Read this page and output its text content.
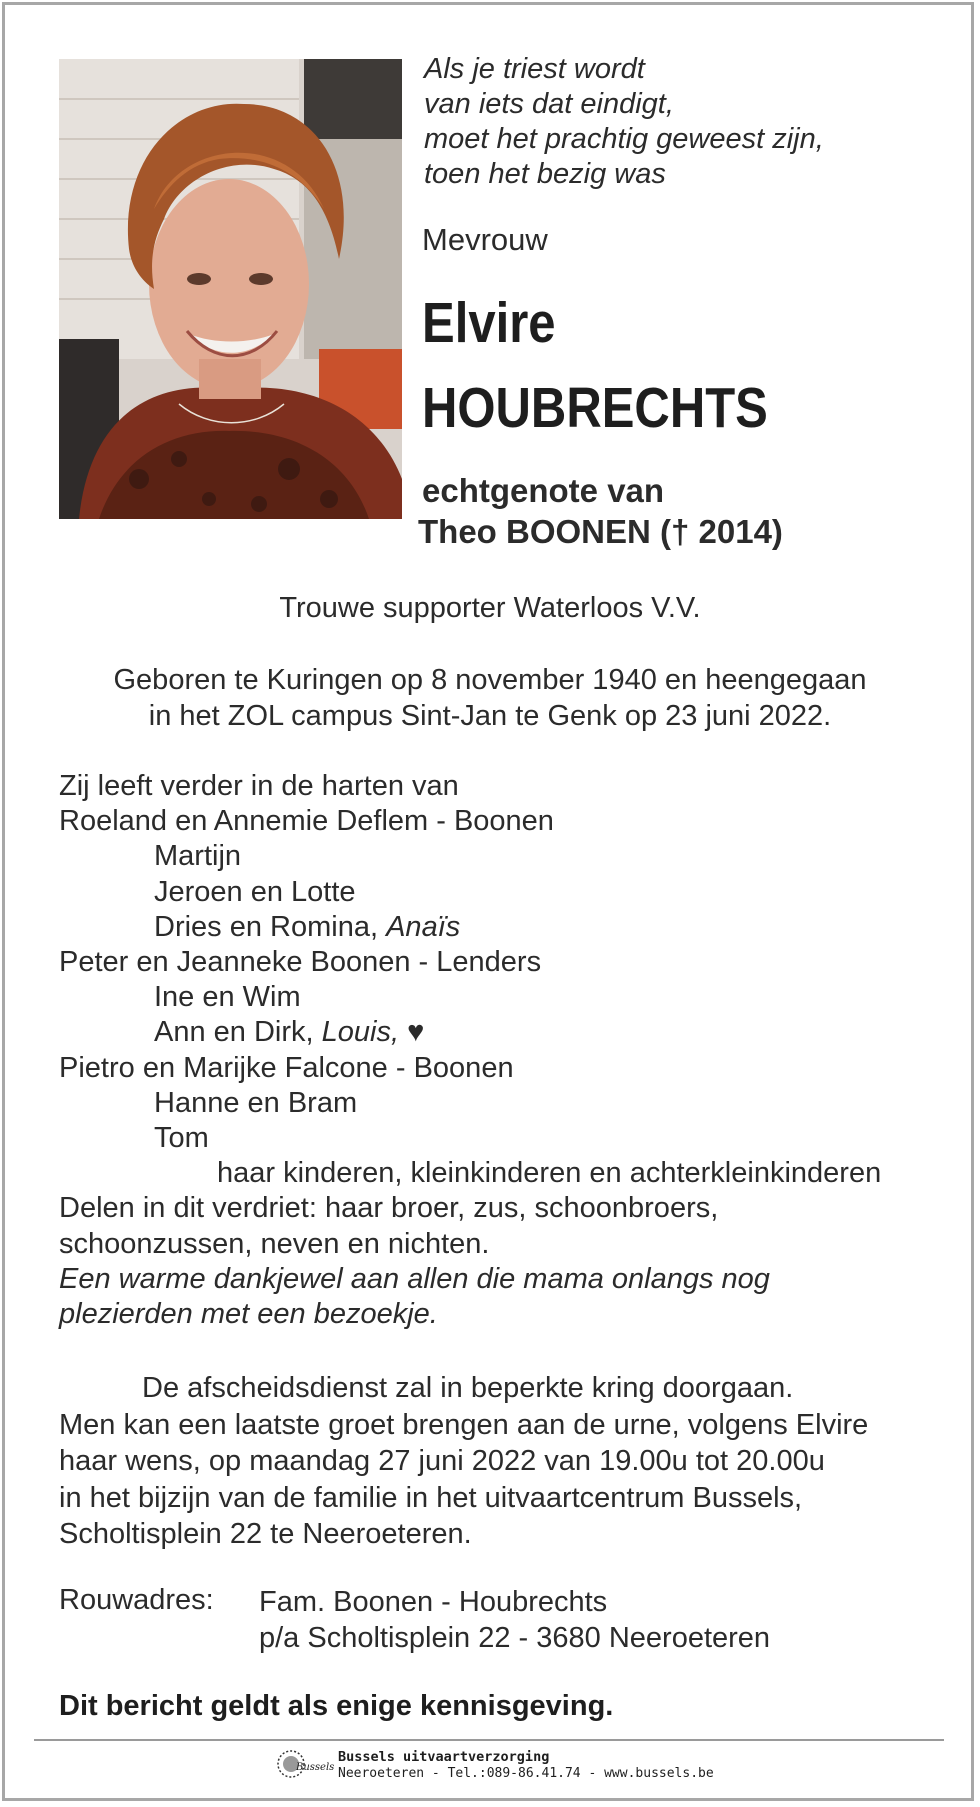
Als je triest wordt
van iets dat eindigt,
moet het prachtig geweest zijn,
toen het bezig was
Mevrouw
Elvire
HOUBRECHTS
echtgenote van
Theo BOONEN († 2014)
Trouwe supporter Waterloos V.V.
Geboren te Kuringen op 8 november 1940 en heengegaan
in het ZOL campus Sint-Jan te Genk op 23 juni 2022.
Zij leeft verder in de harten van
Roeland en Annemie Deflem - Boonen
Martijn
Jeroen en Lotte
Dries en Romina, Anaïs
Peter en Jeanneke Boonen - Lenders
Ine en Wim
Ann en Dirk, Louis, ♥
Pietro en Marijke Falcone - Boonen
Hanne en Bram
Tom
haar kinderen, kleinkinderen en achterkleinkinderen
Delen in dit verdriet: haar broer, zus, schoonbroers,
schoonzussen, neven en nichten.
Een warme dankjewel aan allen die mama onlangs nog
plezierden met een bezoekje.
De afscheidsdienst zal in beperkte kring doorgaan.
Men kan een laatste groet brengen aan de urne, volgens Elvire
haar wens, op maandag 27 juni 2022 van 19.00u tot 20.00u
in het bijzijn van de familie in het uitvaartcentrum Bussels,
Scholtisplein 22 te Neeroeteren.
Rouwadres: Fam. Boonen - Houbrechts
p/a Scholtisplein 22 - 3680 Neeroeteren
Dit bericht geldt als enige kennisgeving.
Bussels
Bussels uitvaartverzorging
Neeroeteren - Tel.:089-86.41.74 - www.bussels.be
